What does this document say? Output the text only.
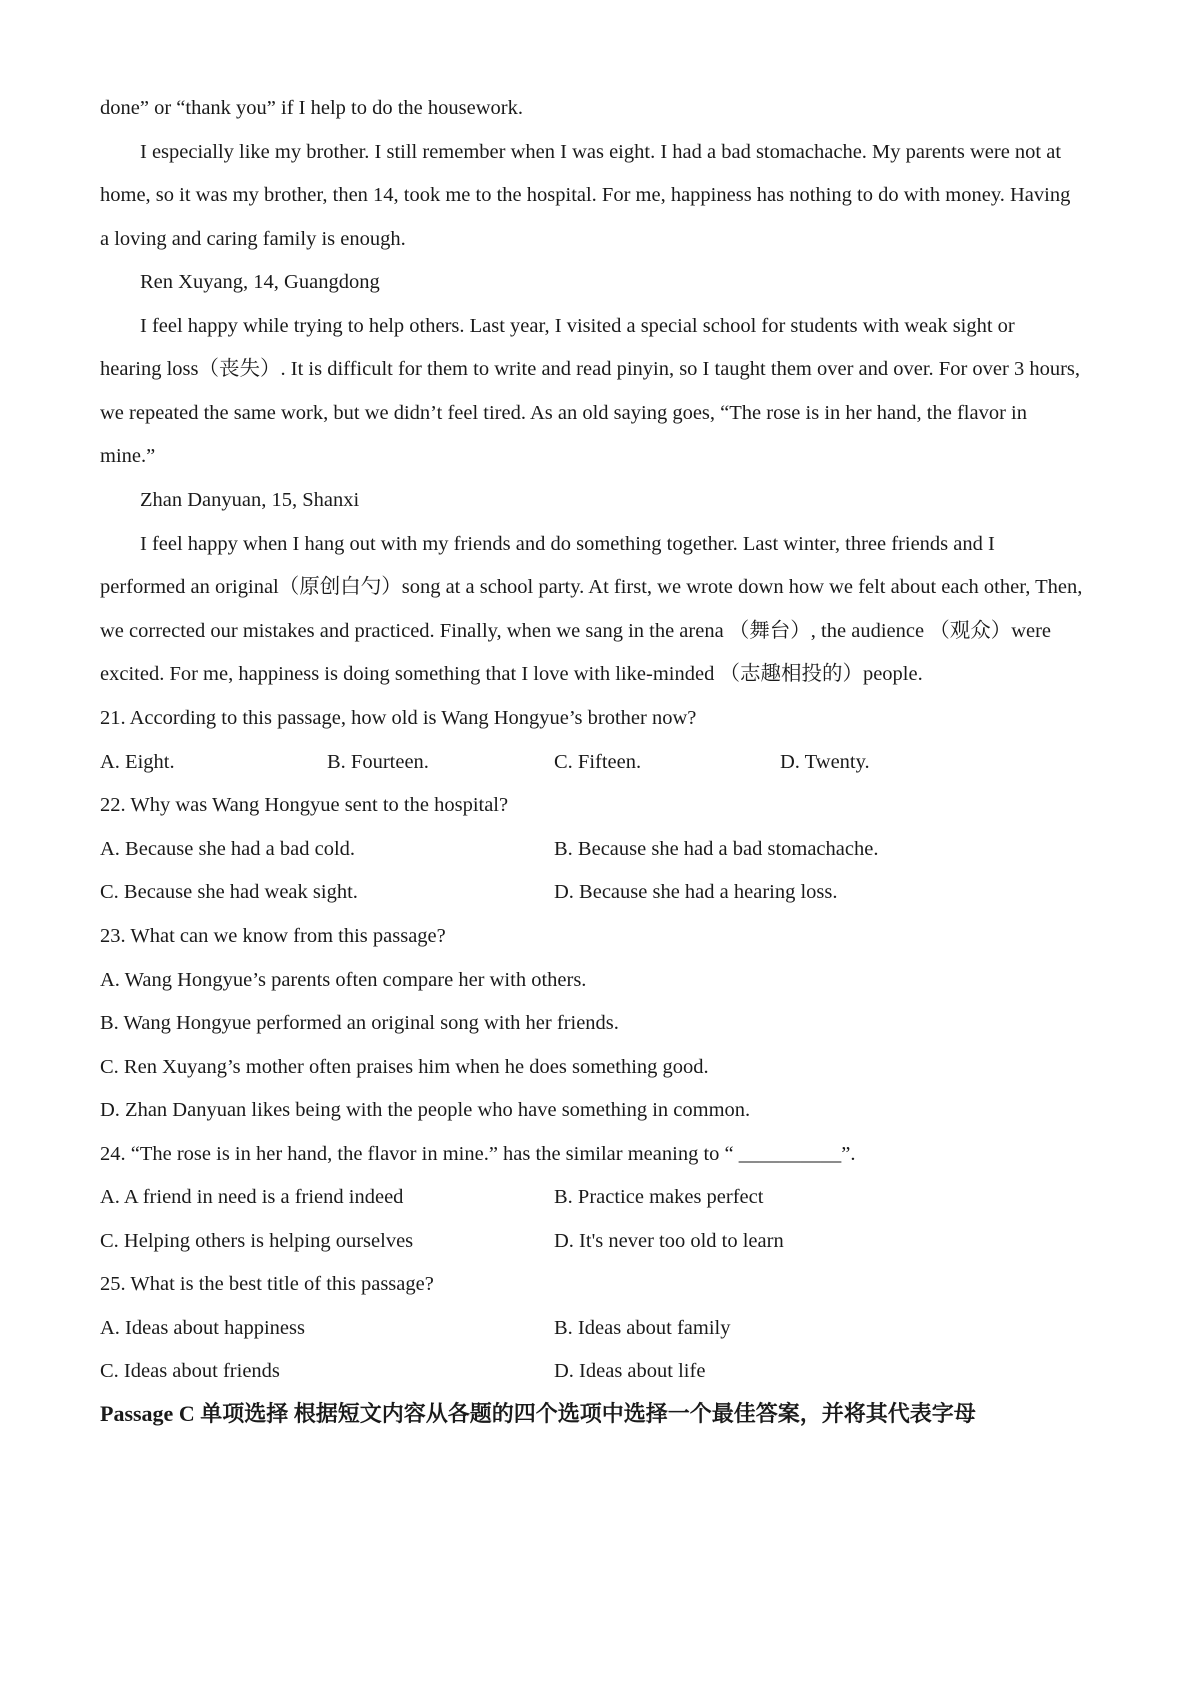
done” or “thank you” if I help to do the housework.
I especially like my brother. I still remember when I was eight. I had a bad stomachache. My parents were not at
home, so it was my brother, then 14, took me to the hospital. For me, happiness has nothing to do with money. Having
a loving and caring family is enough.
Ren Xuyang, 14, Guangdong
I feel happy while trying to help others. Last year, I visited a special school for students with weak sight or
hearing loss（丧失）. It is difficult for them to write and read pinyin, so I taught them over and over. For over 3 hours,
we repeated the same work, but we didn’t feel tired. As an old saying goes, “The rose is in her hand, the flavor in
mine.”
Zhan Danyuan, 15, Shanxi
I feel happy when I hang out with my friends and do something together. Last winter, three friends and I
performed an original（原创白勺）song at a school party. At first, we wrote down how we felt about each other, Then,
we corrected our mistakes and practiced. Finally, when we sang in the arena （舞台）, the audience （观众）were
excited. For me, happiness is doing something that I love with like-minded （志趣相投的）people.
21. According to this passage, how old is Wang Hongyue’s brother now?
A. Eight.	B. Fourteen.	C. Fifteen.	D. Twenty.
22. Why was Wang Hongyue sent to the hospital?
A. Because she had a bad cold.	B. Because she had a bad stomachache.
C. Because she had weak sight.	D. Because she had a hearing loss.
23. What can we know from this passage?
A. Wang Hongyue’s parents often compare her with others.
B. Wang Hongyue performed an original song with her friends.
C. Ren Xuyang’s mother often praises him when he does something good.
D. Zhan Danyuan likes being with the people who have something in common.
24. “The rose is in her hand, the flavor in mine.” has the similar meaning to “ __________”.
A. A friend in need is a friend indeed	B. Practice makes perfect
C. Helping others is helping ourselves	D. It's never too old to learn
25. What is the best title of this passage?
A. Ideas about happiness	B. Ideas about family
C. Ideas about friends	D. Ideas about life
Passage C 单项选择 根据短文内容从各题的四个选项中选择一个最佳答案，并将其代表字母
